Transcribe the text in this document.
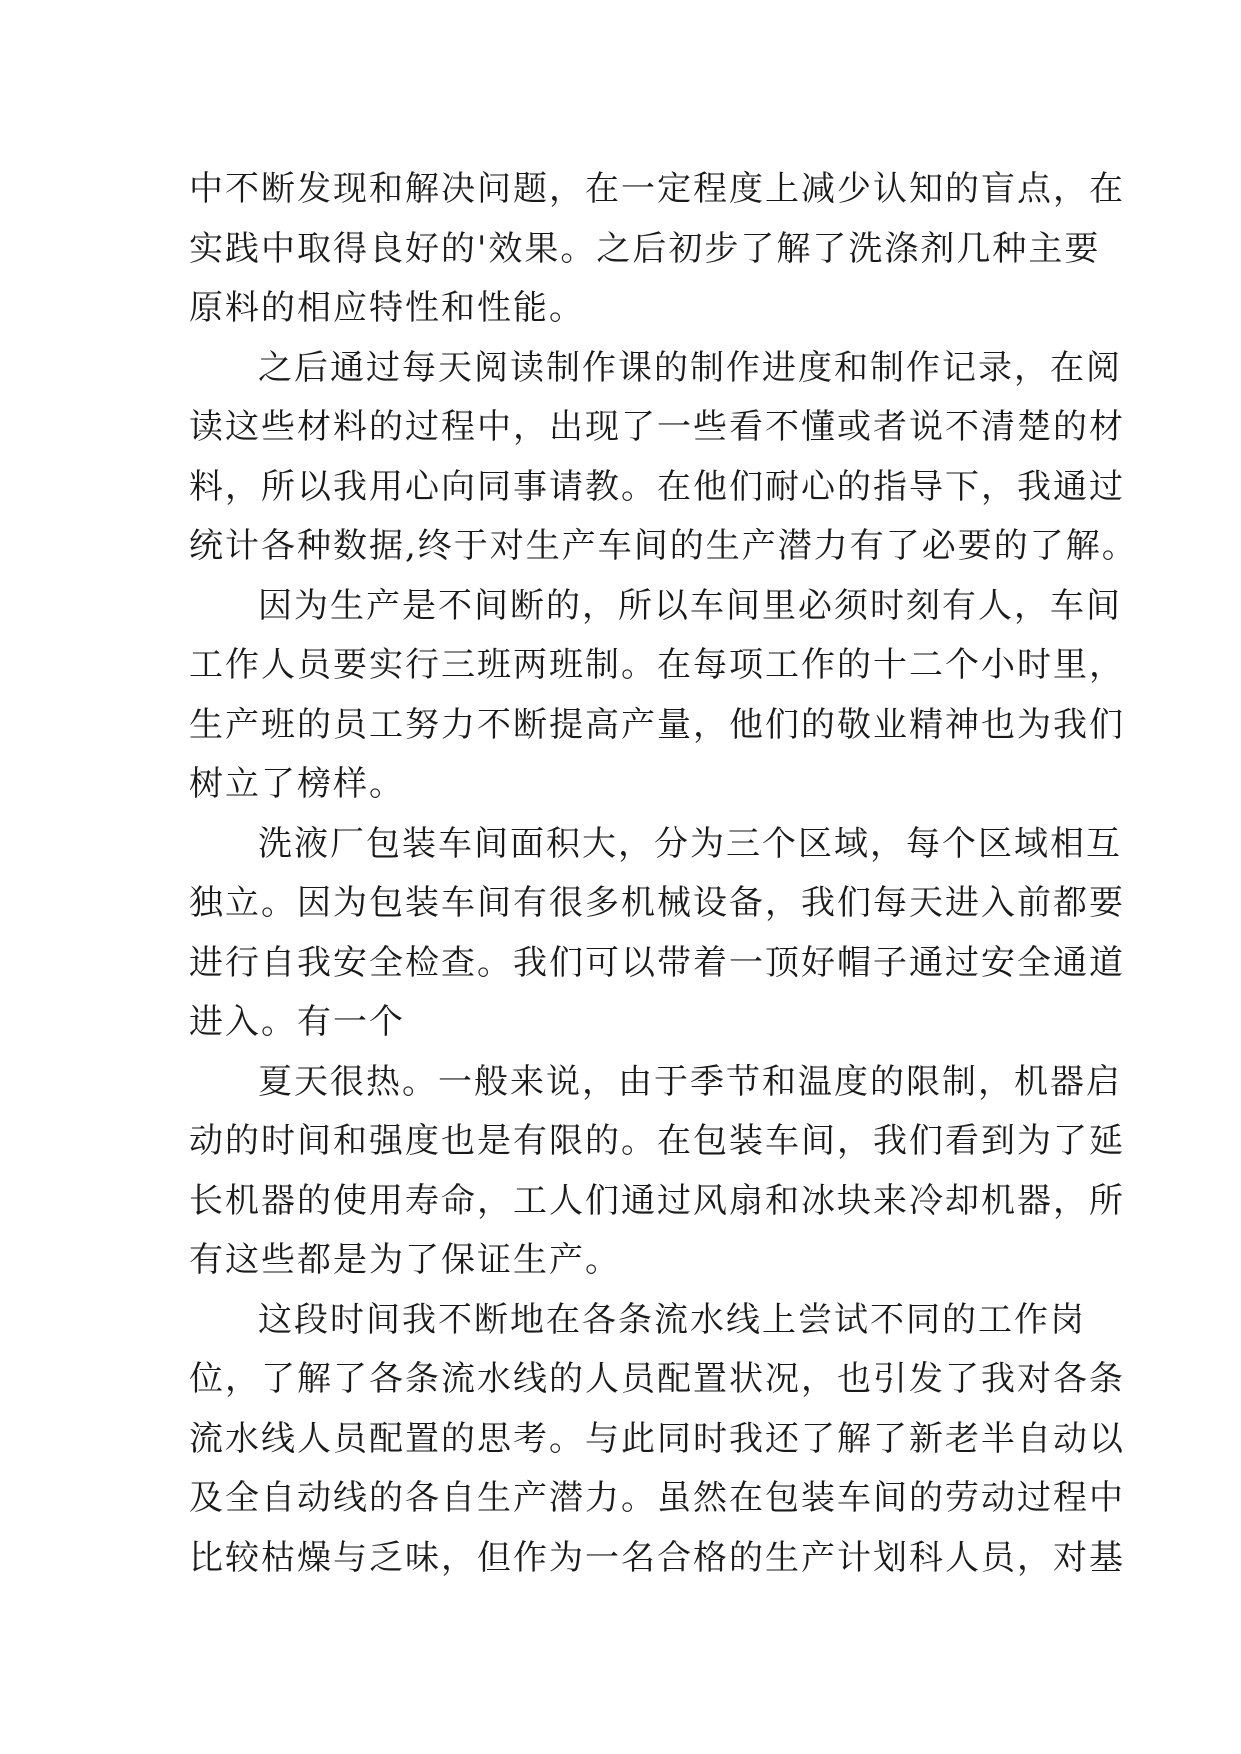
中不断发现和解决问题，在一定程度上减少认知的盲点，在
实践中取得良好的'效果。之后初步了解了洗涤剂几种主要
原料的相应特性和性能。
之后通过每天阅读制作课的制作进度和制作记录，在阅
读这些材料的过程中，出现了一些看不懂或者说不清楚的材
料，所以我用心向同事请教。在他们耐心的指导下，我通过
统计各种数据,终于对生产车间的生产潜力有了必要的了解。
因为生产是不间断的，所以车间里必须时刻有人，车间
工作人员要实行三班两班制。在每项工作的十二个小时里，
生产班的员工努力不断提高产量，他们的敬业精神也为我们
树立了榜样。
洗液厂包装车间面积大，分为三个区域，每个区域相互
独立。因为包装车间有很多机械设备，我们每天进入前都要
进行自我安全检查。我们可以带着一顶好帽子通过安全通道
进入。有一个
夏天很热。一般来说，由于季节和温度的限制，机器启
动的时间和强度也是有限的。在包装车间，我们看到为了延
长机器的使用寿命，工人们通过风扇和冰块来冷却机器，所
有这些都是为了保证生产。
这段时间我不断地在各条流水线上尝试不同的工作岗
位，了解了各条流水线的人员配置状况，也引发了我对各条
流水线人员配置的思考。与此同时我还了解了新老半自动以
及全自动线的各自生产潜力。虽然在包装车间的劳动过程中
比较枯燥与乏味，但作为一名合格的生产计划科人员，对基
